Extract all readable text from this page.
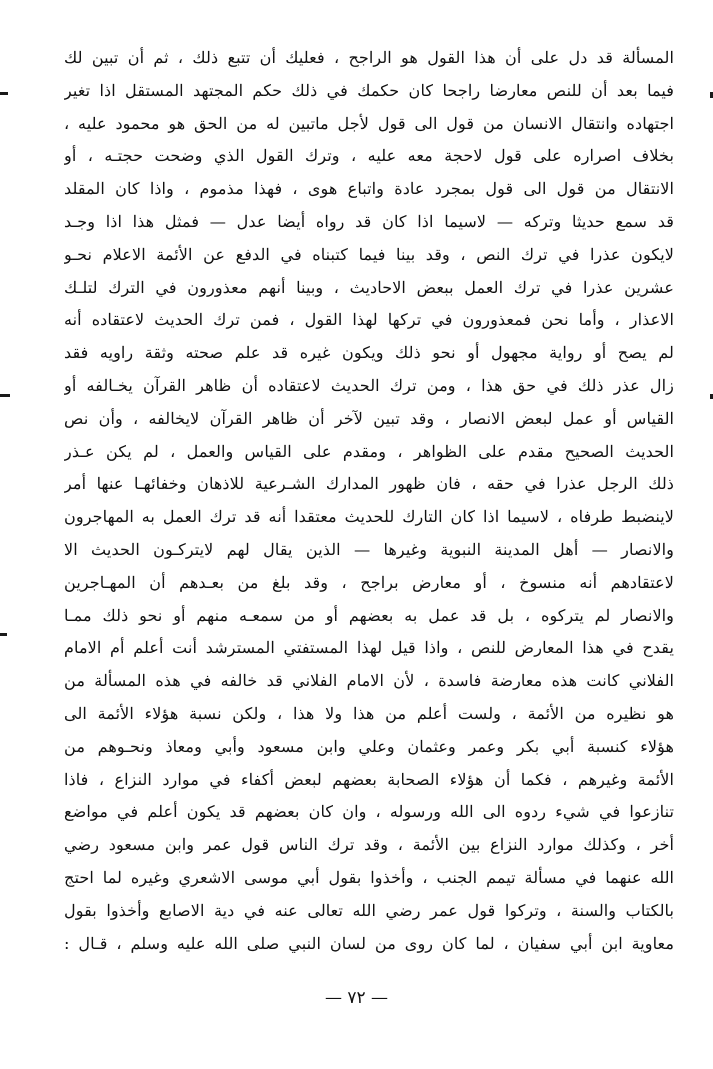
المسألة قد دل على أن هذا القول هو الراجح ، فعليك أن تتبع ذلك ، ثم أن تبين لك
فيما بعد أن للنص معارضا راجحا كان حكمك في ذلك حكم المجتهد المستقل اذا تغير
اجتهاده وانتقال الانسان من قول الى قول لأجل ماتبين له من الحق هو محمود عليه ،
بخلاف اصراره على قول لاحجة معه عليه ، وترك القول الذي وضحت حجتـه ، أو
الانتقال من قول الى قول بمجرد عادة واتباع هوى ، فهذا مذموم ، واذا كان المقلد
قد سمع حديثا وتركه — لاسيما اذا كان قد رواه أيضا عدل — فمثل هذا اذا وجـد
لايكون عذرا في ترك النص ، وقد بينا فيما كتبناه في الدفع عن الأئمة الاعلام نحـو
عشرين عذرا في ترك العمل ببعض الاحاديث ، وبينا أنهم معذورون في الترك لتلـك
الاعذار ، وأما نحن فمعذورون في تركها لهذا القول ، فمن ترك الحديث لاعتقاده أنه
لم يصح أو رواية مجهول أو نحو ذلك ويكون غيره قد علم صحته وثقة راويه فقد
زال عذر ذلك في حق هذا ، ومن ترك الحديث لاعتقاده أن ظاهر القرآن يخـالفه أو
القياس أو عمل لبعض الانصار ، وقد تبين لآخر أن ظاهر القرآن لايخالفه ، وأن نص
الحديث الصحيح مقدم على الظواهر ، ومقدم على القياس والعمل ، لم يكن عـذر
ذلك الرجل عذرا في حقه ، فان ظهور المدارك الشـرعية للاذهان وخفائهـا عنها أمر
لاينضبط طرفاه ، لاسيما اذا كان التارك للحديث معتقدا أنه قد ترك العمل به المهاجرون
والانصار — أهل المدينة النبوية وغيرها — الذين يقال لهم لايتركـون الحديث الا
لاعتقادهم أنه منسوخ ، أو معارض براجح ، وقد بلغ من بعـدهم أن المهـاجرين
والانصار لم يتركوه ، بل قد عمل به بعضهم أو من سمعـه منهم أو نحو ذلك ممـا
يقدح في هذا المعارض للنص ، واذا قيل لهذا المستفتي المسترشد أنت أعلم أم الامام
الفلاني كانت هذه معارضة فاسدة ، لأن الامام الفلاني قد خالفه في هذه المسألة من
هو نظيره من الأئمة ، ولست أعلم من هذا ولا هذا ، ولكن نسبة هؤلاء الأئمة الى
هؤلاء كنسبة أبي بكر وعمر وعثمان وعلي وابن مسعود وأبي ومعاذ ونحـوهم من
الأئمة وغيرهم ، فكما أن هؤلاء الصحابة بعضهم لبعض أكفاء في موارد النزاع ، فاذا
تنازعوا في شيء ردوه الى الله ورسوله ، وان كان بعضهم قد يكون أعلم في مواضع
أخر ، وكذلك موارد النزاع بين الأئمة ، وقد ترك الناس قول عمر وابن مسعود رضي
الله عنهما في مسألة تيمم الجنب ، وأخذوا بقول أبي موسى الاشعري وغيره لما احتج
بالكتاب والسنة ، وتركوا قول عمر رضي الله تعالى عنه في دية الاصابع وأخذوا بقول
معاوية ابن أبي سفيان ، لما كان روى من لسان النبي صلى الله عليه وسلم ، قـال :
— ٧٢ —
